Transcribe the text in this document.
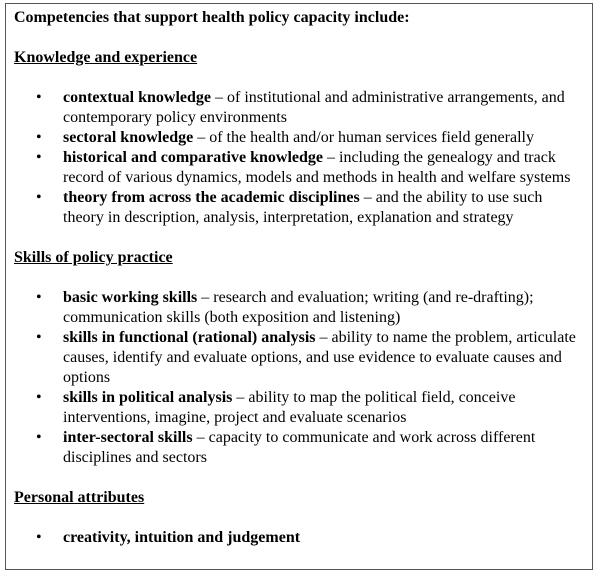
Competencies that support health policy capacity include:

Knowledge and experience

• contextual knowledge – of institutional and administrative arrangements, and contemporary policy environments
• sectoral knowledge – of the health and/or human services field generally
• historical and comparative knowledge – including the genealogy and track record of various dynamics, models and methods in health and welfare systems
• theory from across the academic disciplines – and the ability to use such theory in description, analysis, interpretation, explanation and strategy

Skills of policy practice

• basic working skills – research and evaluation; writing (and re-drafting); communication skills (both exposition and listening)
• skills in functional (rational) analysis – ability to name the problem, articulate causes, identify and evaluate options, and use evidence to evaluate causes and options
• skills in political analysis – ability to map the political field, conceive interventions, imagine, project and evaluate scenarios
• inter-sectoral skills – capacity to communicate and work across different disciplines and sectors

Personal attributes

• creativity, intuition and judgement
